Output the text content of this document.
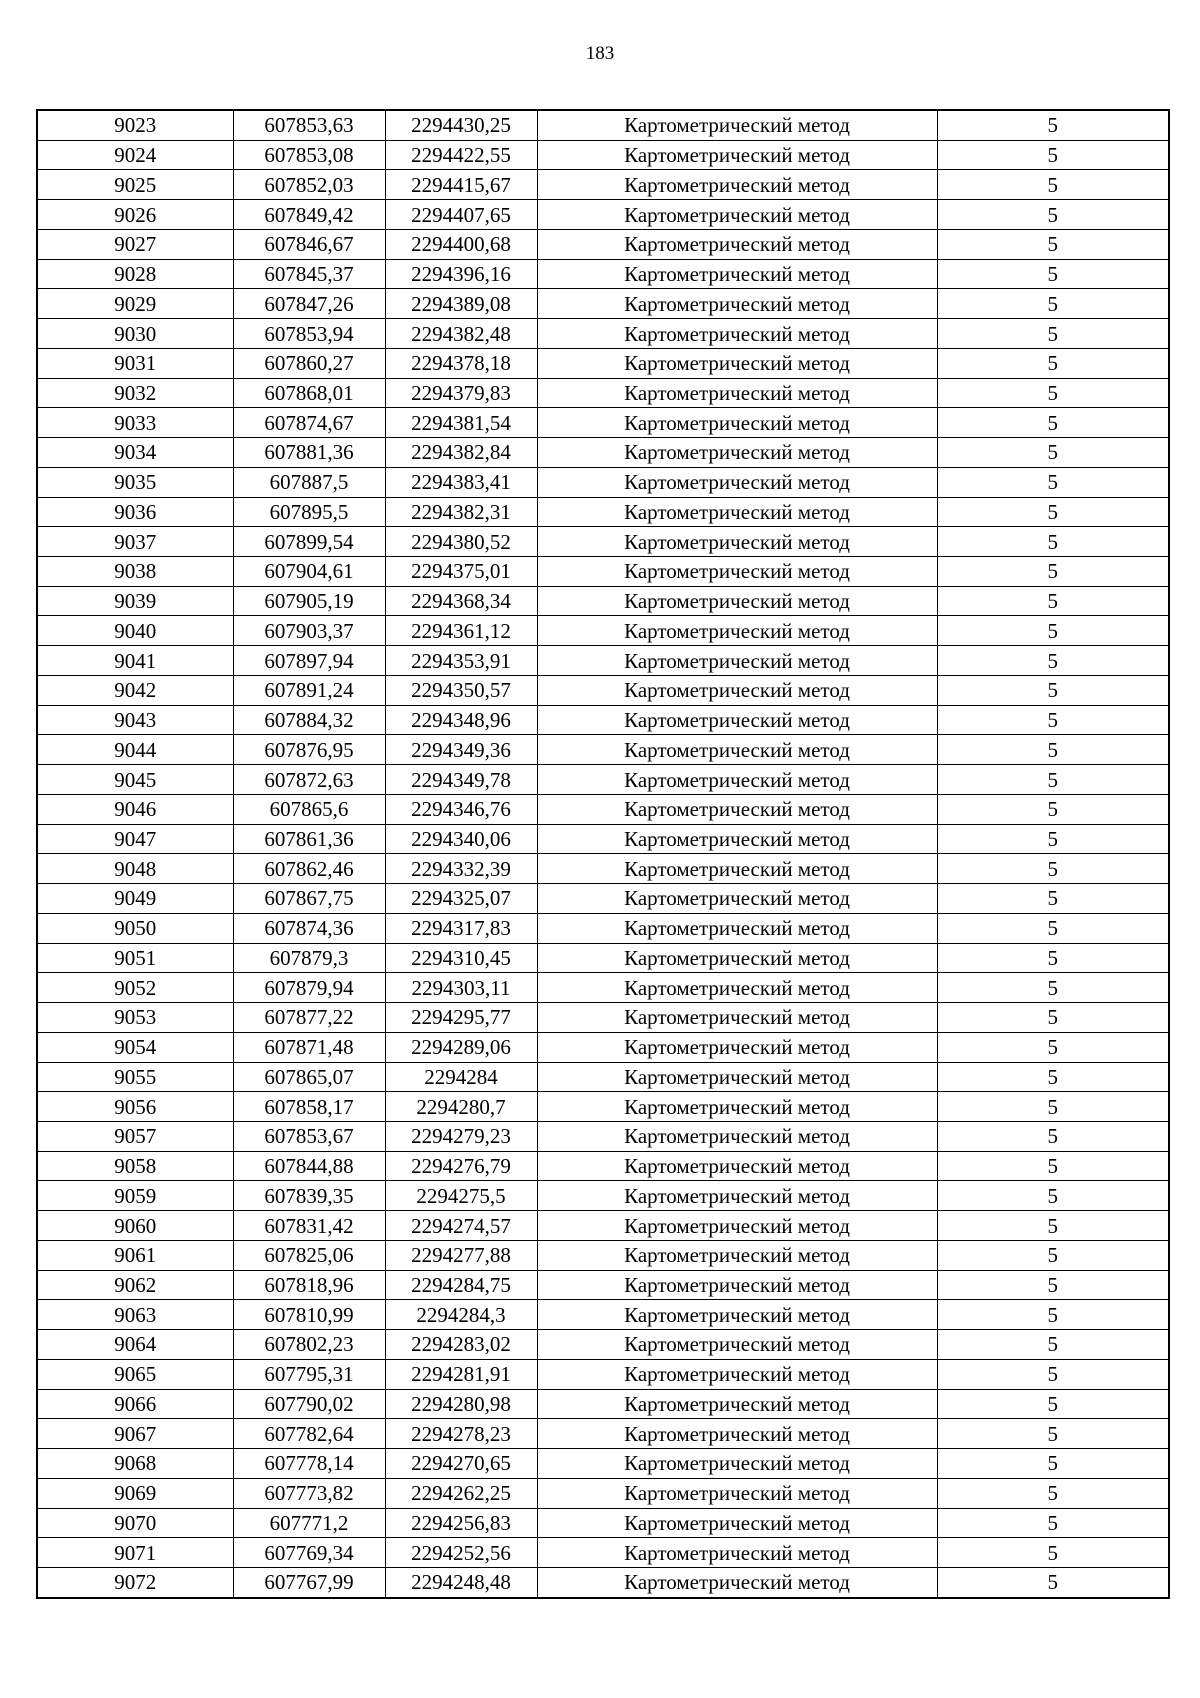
183
9023	607853,63	2294430,25	Картометрический метод	5
9024	607853,08	2294422,55	Картометрический метод	5
9025	607852,03	2294415,67	Картометрический метод	5
9026	607849,42	2294407,65	Картометрический метод	5
9027	607846,67	2294400,68	Картометрический метод	5
9028	607845,37	2294396,16	Картометрический метод	5
9029	607847,26	2294389,08	Картометрический метод	5
9030	607853,94	2294382,48	Картометрический метод	5
9031	607860,27	2294378,18	Картометрический метод	5
9032	607868,01	2294379,83	Картометрический метод	5
9033	607874,67	2294381,54	Картометрический метод	5
9034	607881,36	2294382,84	Картометрический метод	5
9035	607887,5	2294383,41	Картометрический метод	5
9036	607895,5	2294382,31	Картометрический метод	5
9037	607899,54	2294380,52	Картометрический метод	5
9038	607904,61	2294375,01	Картометрический метод	5
9039	607905,19	2294368,34	Картометрический метод	5
9040	607903,37	2294361,12	Картометрический метод	5
9041	607897,94	2294353,91	Картометрический метод	5
9042	607891,24	2294350,57	Картометрический метод	5
9043	607884,32	2294348,96	Картометрический метод	5
9044	607876,95	2294349,36	Картометрический метод	5
9045	607872,63	2294349,78	Картометрический метод	5
9046	607865,6	2294346,76	Картометрический метод	5
9047	607861,36	2294340,06	Картометрический метод	5
9048	607862,46	2294332,39	Картометрический метод	5
9049	607867,75	2294325,07	Картометрический метод	5
9050	607874,36	2294317,83	Картометрический метод	5
9051	607879,3	2294310,45	Картометрический метод	5
9052	607879,94	2294303,11	Картометрический метод	5
9053	607877,22	2294295,77	Картометрический метод	5
9054	607871,48	2294289,06	Картометрический метод	5
9055	607865,07	2294284	Картометрический метод	5
9056	607858,17	2294280,7	Картометрический метод	5
9057	607853,67	2294279,23	Картометрический метод	5
9058	607844,88	2294276,79	Картометрический метод	5
9059	607839,35	2294275,5	Картометрический метод	5
9060	607831,42	2294274,57	Картометрический метод	5
9061	607825,06	2294277,88	Картометрический метод	5
9062	607818,96	2294284,75	Картометрический метод	5
9063	607810,99	2294284,3	Картометрический метод	5
9064	607802,23	2294283,02	Картометрический метод	5
9065	607795,31	2294281,91	Картометрический метод	5
9066	607790,02	2294280,98	Картометрический метод	5
9067	607782,64	2294278,23	Картометрический метод	5
9068	607778,14	2294270,65	Картометрический метод	5
9069	607773,82	2294262,25	Картометрический метод	5
9070	607771,2	2294256,83	Картометрический метод	5
9071	607769,34	2294252,56	Картометрический метод	5
9072	607767,99	2294248,48	Картометрический метод	5
